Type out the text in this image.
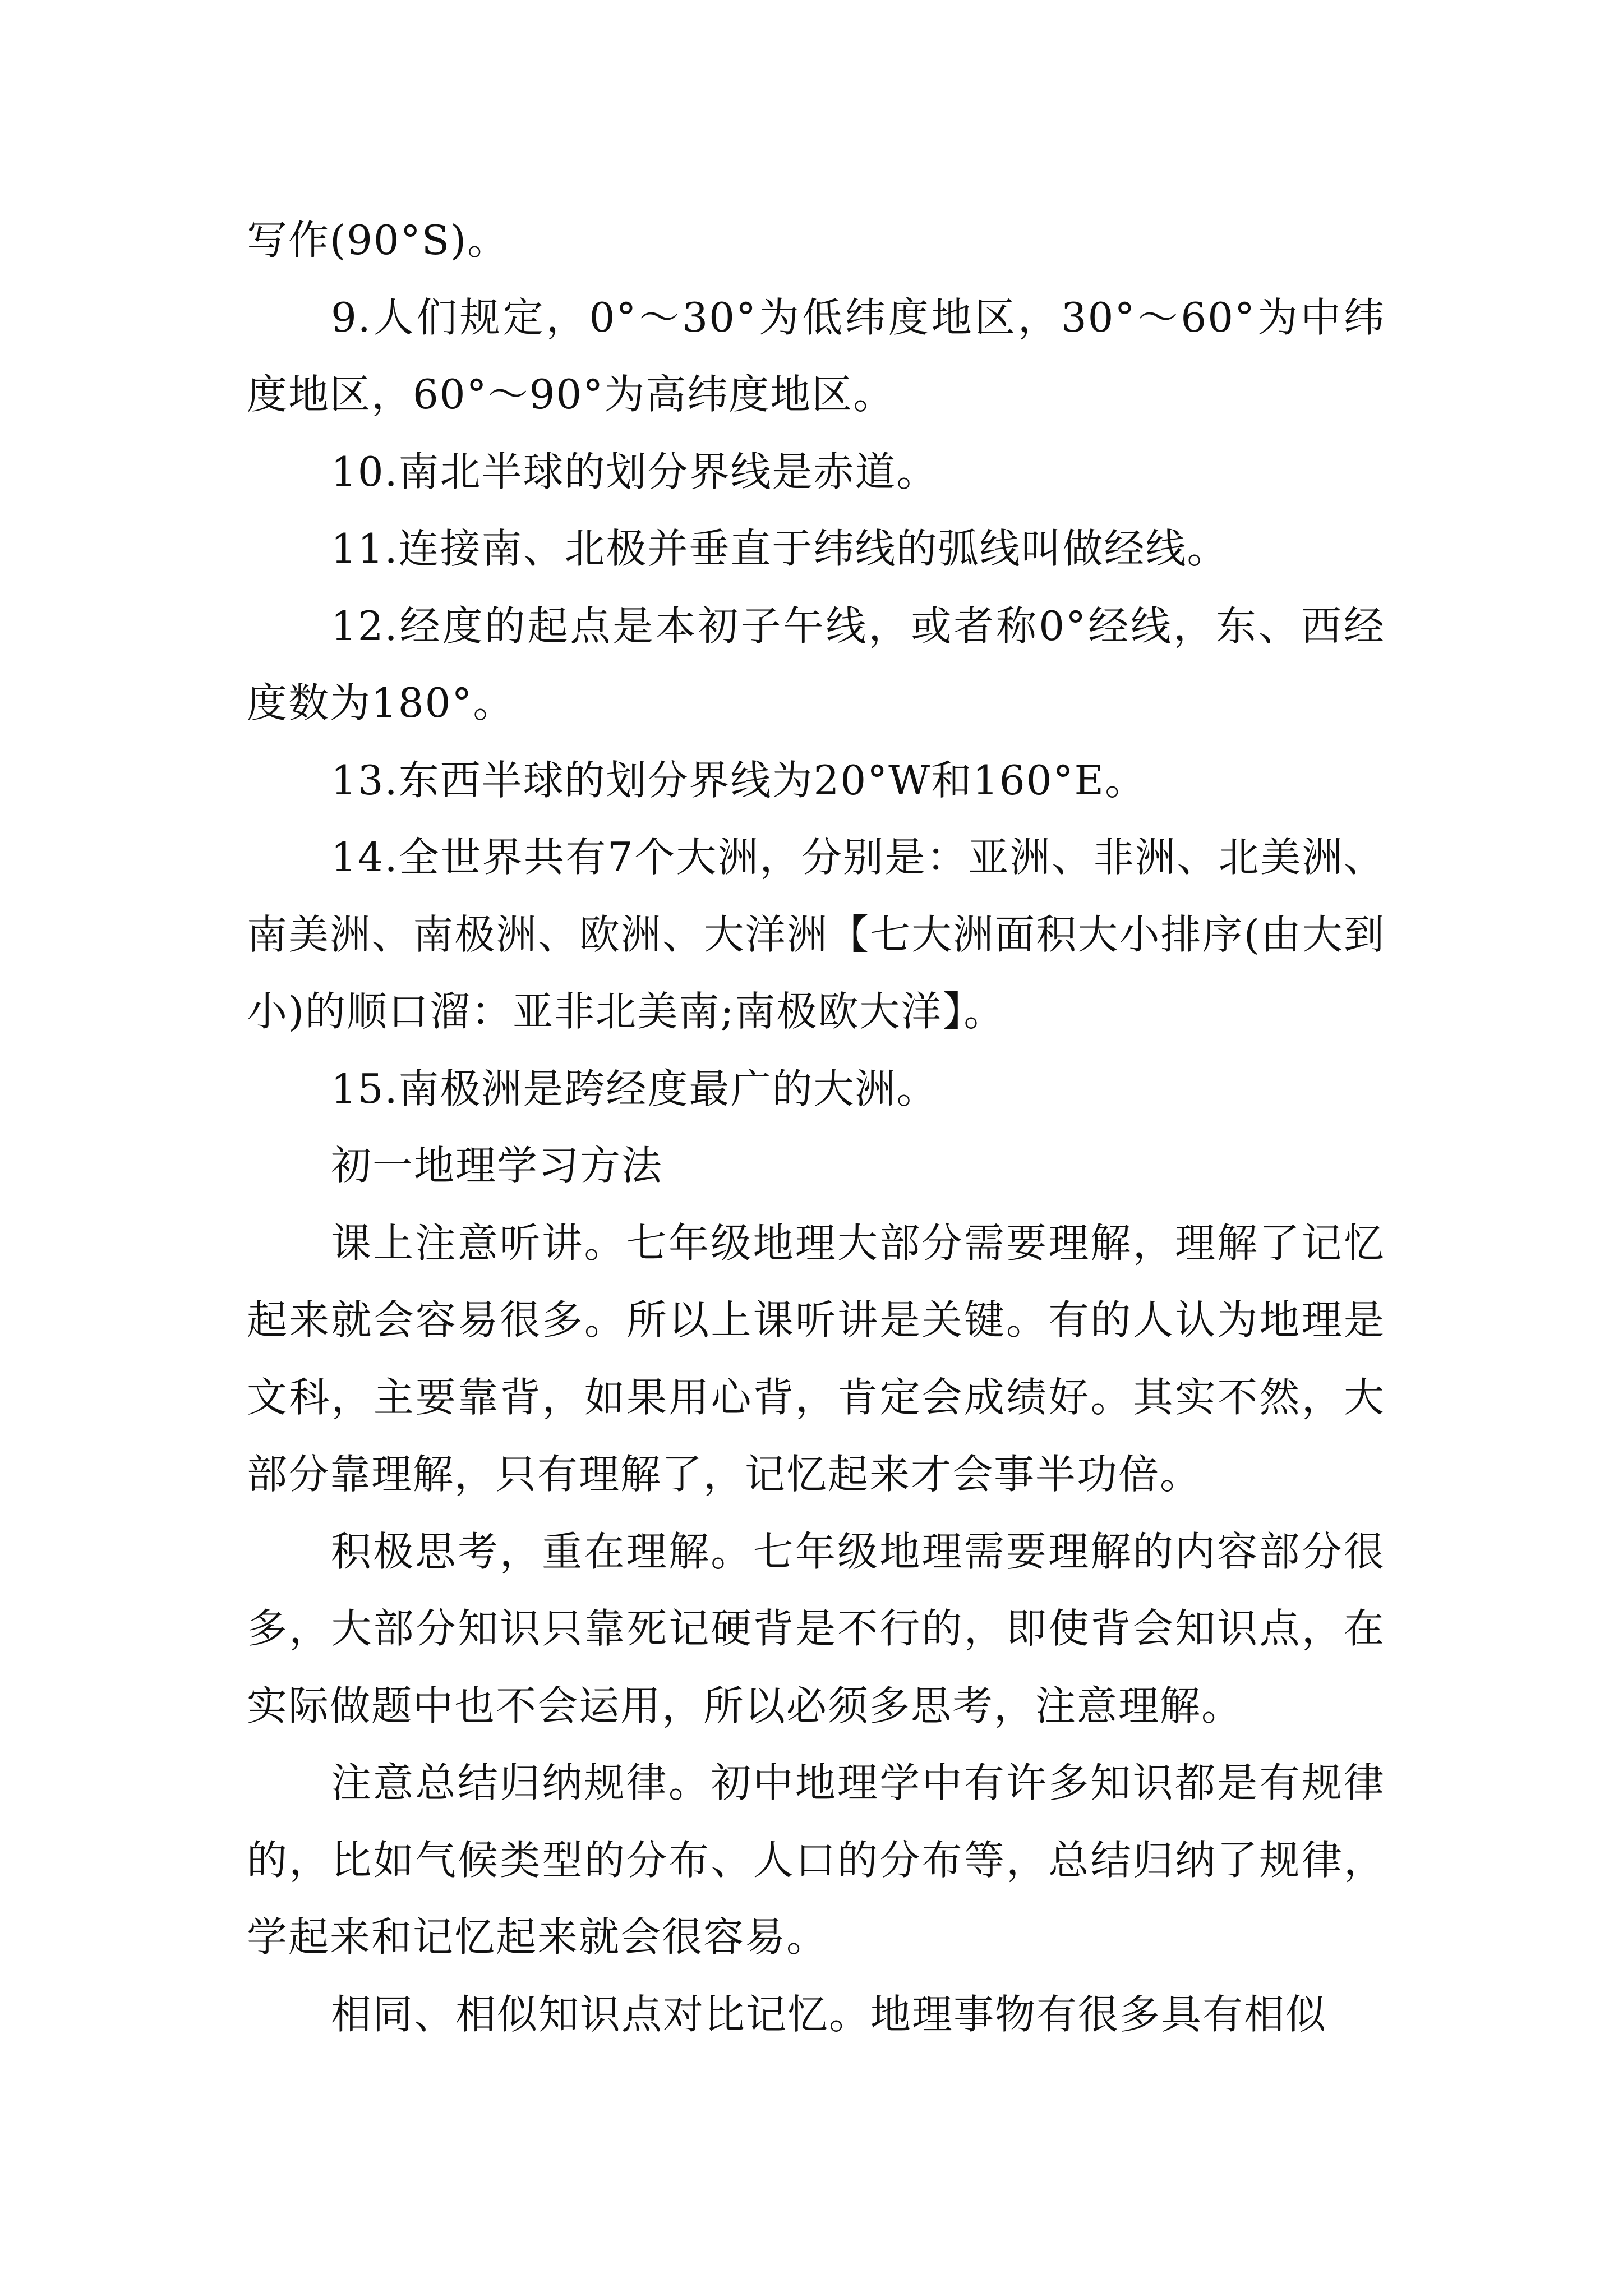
写作(90°S)。

9.人们规定，0°～30°为低纬度地区，30°～60°为中纬度地区，60°～90°为高纬度地区。

10.南北半球的划分界线是赤道。

11.连接南、北极并垂直于纬线的弧线叫做经线。

12.经度的起点是本初子午线，或者称0°经线，东、西经度数为180°。

13.东西半球的划分界线为20°W和160°E。

14.全世界共有7个大洲，分别是：亚洲、非洲、北美洲、南美洲、南极洲、欧洲、大洋洲【七大洲面积大小排序(由大到小)的顺口溜：亚非北美南;南极欧大洋】。

15.南极洲是跨经度最广的大洲。

初一地理学习方法

课上注意听讲。七年级地理大部分需要理解，理解了记忆起来就会容易很多。所以上课听讲是关键。有的人认为地理是文科，主要靠背，如果用心背，肯定会成绩好。其实不然，大部分靠理解，只有理解了，记忆起来才会事半功倍。

积极思考，重在理解。七年级地理需要理解的内容部分很多，大部分知识只靠死记硬背是不行的，即使背会知识点，在实际做题中也不会运用，所以必须多思考，注意理解。

注意总结归纳规律。初中地理学中有许多知识都是有规律的，比如气候类型的分布、人口的分布等，总结归纳了规律，学起来和记忆起来就会很容易。

相同、相似知识点对比记忆。地理事物有很多具有相似
